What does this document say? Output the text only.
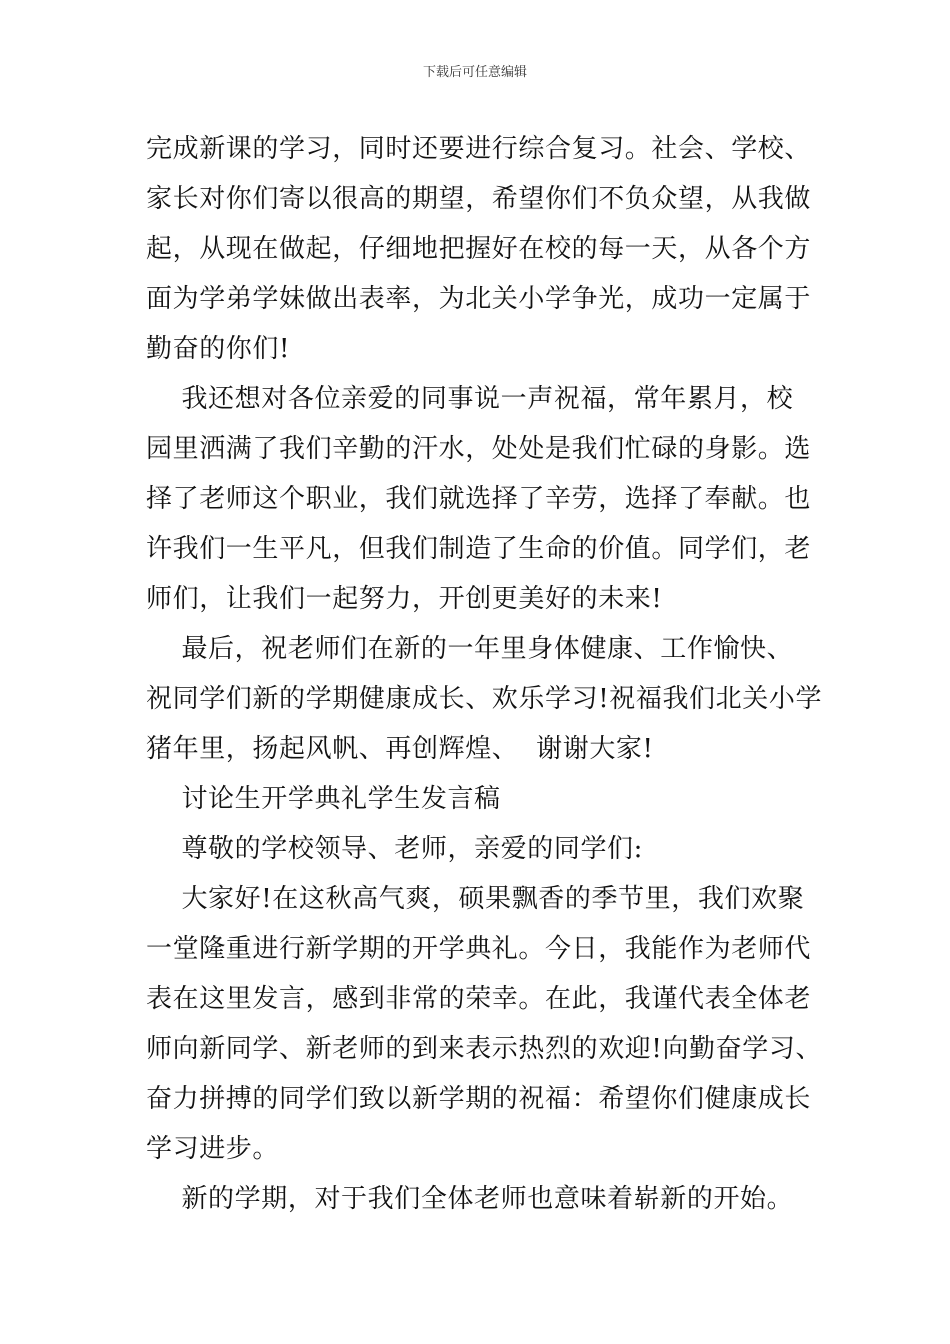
下载后可任意编辑
完成新课的学习，同时还要进行综合复习。社会、学校、
家长对你们寄以很高的期望，希望你们不负众望，从我做
起，从现在做起，仔细地把握好在校的每一天，从各个方
面为学弟学妹做出表率，为北关小学争光，成功一定属于
勤奋的你们!
我还想对各位亲爱的同事说一声祝福，常年累月，校
园里洒满了我们辛勤的汗水，处处是我们忙碌的身影。选
择了老师这个职业，我们就选择了辛劳，选择了奉献。也
许我们一生平凡，但我们制造了生命的价值。同学们，老
师们，让我们一起努力，开创更美好的未来!
最后，祝老师们在新的一年里身体健康、工作愉快、
祝同学们新的学期健康成长、欢乐学习!祝福我们北关小学
猪年里，扬起风帆、再创辉煌、  谢谢大家!
讨论生开学典礼学生发言稿
尊敬的学校领导、老师，亲爱的同学们:
大家好!在这秋高气爽，硕果飘香的季节里，我们欢聚
一堂隆重进行新学期的开学典礼。今日，我能作为老师代
表在这里发言，感到非常的荣幸。在此，我谨代表全体老
师向新同学、新老师的到来表示热烈的欢迎!向勤奋学习、
奋力拼搏的同学们致以新学期的祝福：希望你们健康成长
学习进步。
新的学期，对于我们全体老师也意味着崭新的开始。
